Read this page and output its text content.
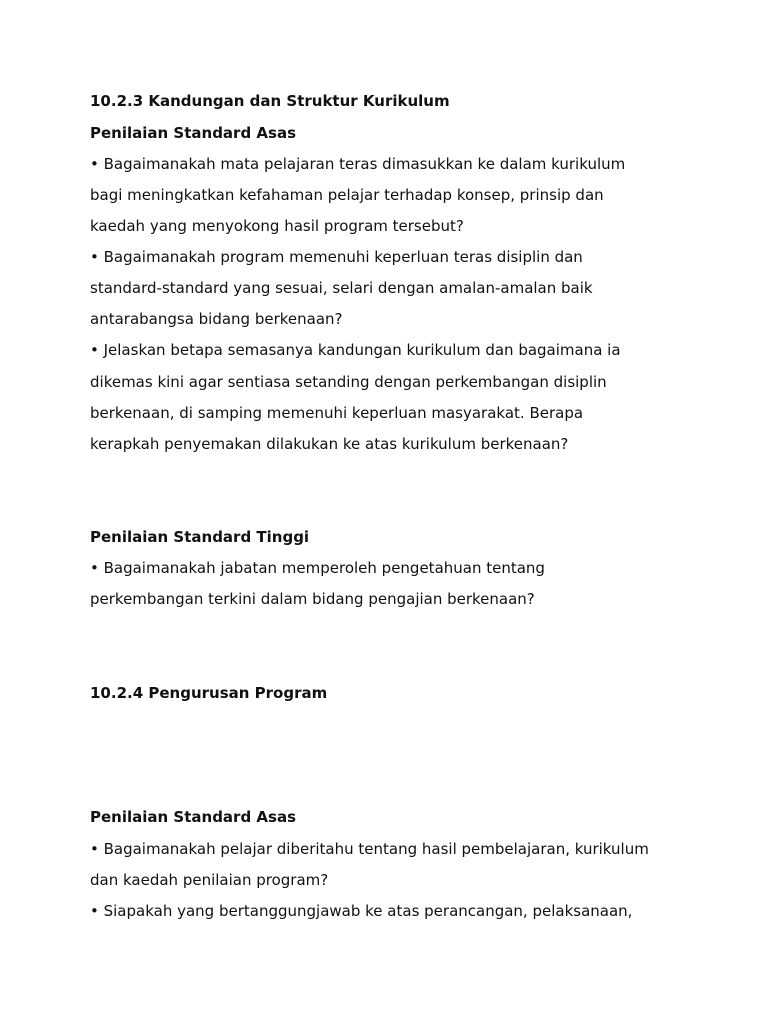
10.2.3 Kandungan dan Struktur Kurikulum

Penilaian Standard Asas

• Bagaimanakah mata pelajaran teras dimasukkan ke dalam kurikulum

bagi meningkatkan kefahaman pelajar terhadap konsep, prinsip dan

kaedah yang menyokong hasil program tersebut?

• Bagaimanakah program memenuhi keperluan teras disiplin dan

standard-standard yang sesuai, selari dengan amalan-amalan baik

antarabangsa bidang berkenaan?

• Jelaskan betapa semasanya kandungan kurikulum dan bagaimana ia

dikemas kini agar sentiasa setanding dengan perkembangan disiplin

berkenaan, di samping memenuhi keperluan masyarakat. Berapa

kerapkah penyemakan dilakukan ke atas kurikulum berkenaan?

Penilaian Standard Tinggi

• Bagaimanakah jabatan memperoleh pengetahuan tentang

perkembangan terkini dalam bidang pengajian berkenaan?

10.2.4 Pengurusan Program

Penilaian Standard Asas

• Bagaimanakah pelajar diberitahu tentang hasil pembelajaran, kurikulum

dan kaedah penilaian program?

• Siapakah yang bertanggungjawab ke atas perancangan, pelaksanaan,
